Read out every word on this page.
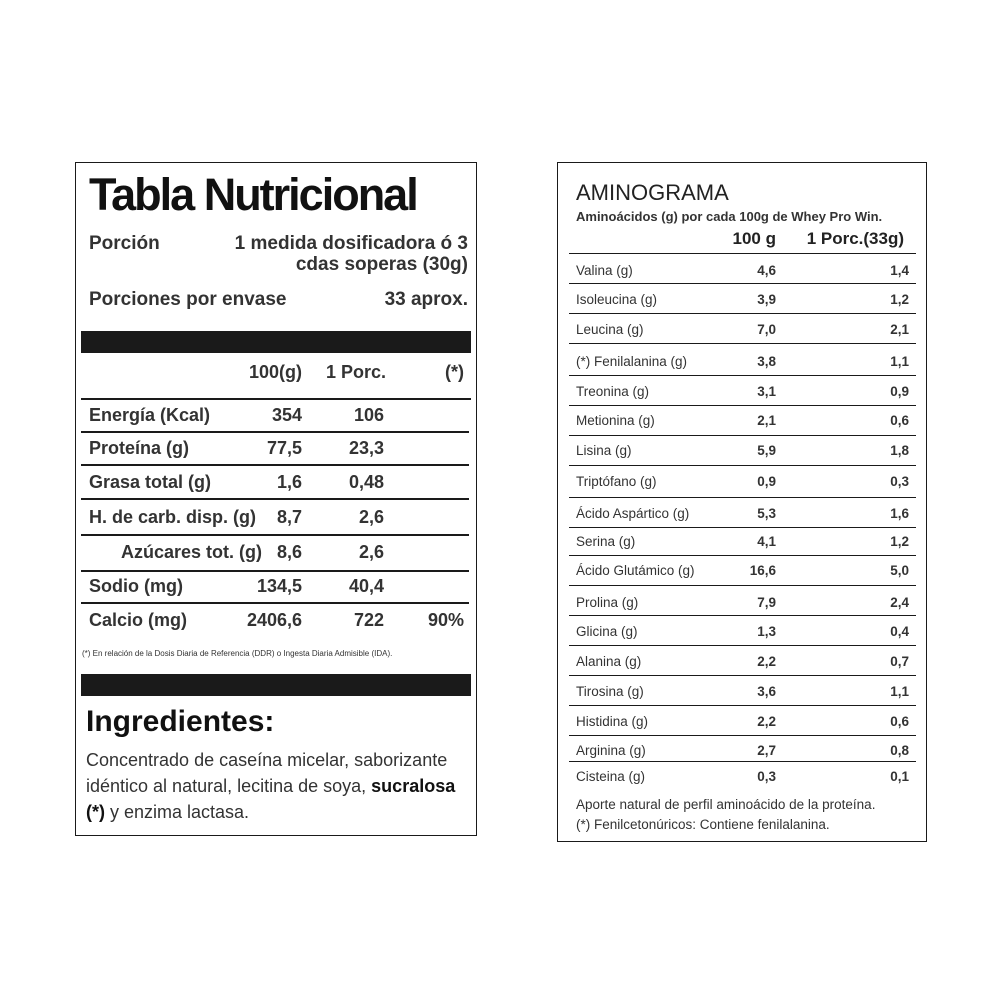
Tabla Nutricional
Porción	1 medida dosificadora ó 3
cdas soperas (30g)
Porciones por envase	33 aprox.
100(g) 1 Porc.	(*)
Energía (Kcal)	354	106
Proteína (g)	77,5	23,3
Grasa total (g)	1,6	0,48
H. de carb. disp. (g) 8,7	2,6
Azúcares tot. (g) 8,6	2,6
Sodio (mg)	134,5	40,4
Calcio (mg)	2406,6	722 90%
(*) En relación de la Dosis Diaria de Referencia (DDR) o Ingesta Diaria Admisible (IDA).
Ingredientes:
Concentrado de caseína micelar, saborizante idéntico al natural, lecitina de soya, sucralosa
(*) y enzima lactasa.
AMINOGRAMA
Aminoácidos (g) por cada 100g de Whey Pro Win.
100 g 1 Porc.(33g)
Valina (g)	4,6	1,4
Isoleucina (g)	3,9	1,2
Leucina (g)	7,0	2,1
(*) Fenilalanina (g)	3,8	1,1
Treonina (g)	3,1	0,9
Metionina (g)	2,1	0,6
Lisina (g)	5,9	1,8
Triptófano (g)	0,9	0,3
Ácido Aspártico (g)	5,3	1,6
Serina (g)	4,1	1,2
Ácido Glutámico (g)	16,6	5,0
Prolina (g)	7,9	2,4
Glicina (g)	1,3	0,4
Alanina (g)	2,2	0,7
Tirosina (g)	3,6	1,1
Histidina (g)	2,2	0,6
Arginina (g)	2,7	0,8
Cisteina (g)	0,3	0,1
Aporte natural de perfil aminoácido de la proteína.
(*) Fenilcetonúricos: Contiene fenilalanina.
